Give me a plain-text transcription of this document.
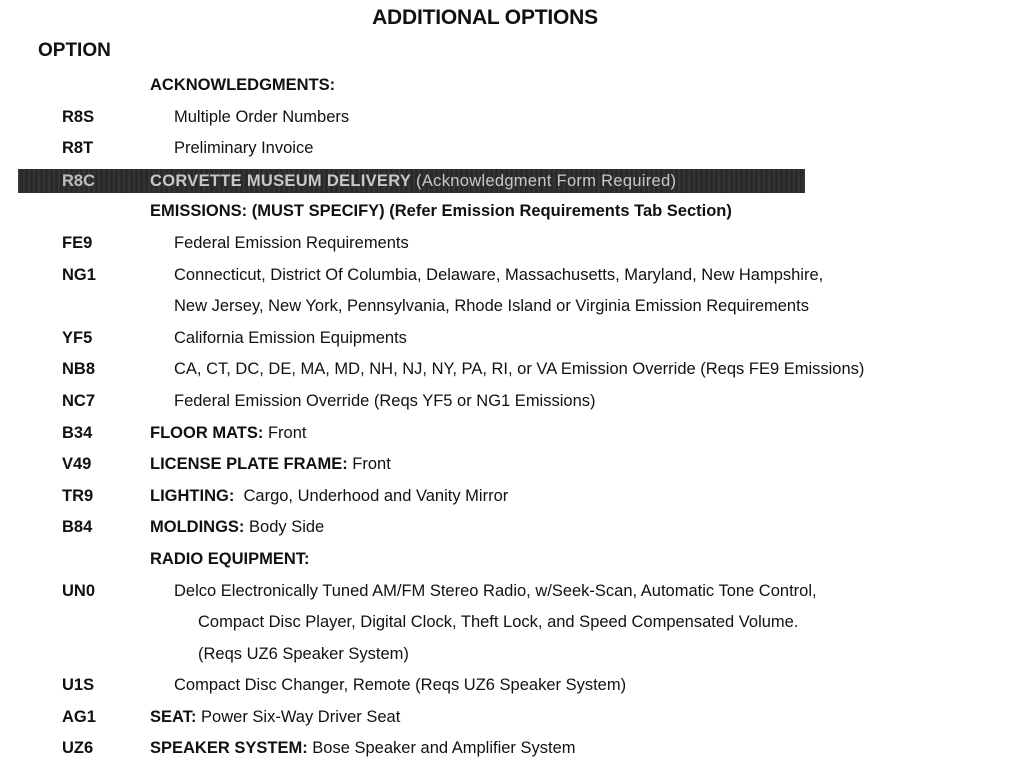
ADDITIONAL OPTIONS
OPTION
ACKNOWLEDGMENTS:
R8S	Multiple Order Numbers
R8T	Preliminary Invoice
R8C	CORVETTE MUSEUM DELIVERY (Acknowledgment Form Required)
EMISSIONS: (MUST SPECIFY) (Refer Emission Requirements Tab Section)
FE9	Federal Emission Requirements
NG1	Connecticut, District Of Columbia, Delaware, Massachusetts, Maryland, New Hampshire,
New Jersey, New York, Pennsylvania, Rhode Island or Virginia Emission Requirements
YF5	California Emission Equipments
NB8	CA, CT, DC, DE, MA, MD, NH, NJ, NY, PA, RI, or VA Emission Override (Reqs FE9 Emissions)
NC7	Federal Emission Override (Reqs YF5 or NG1 Emissions)
B34	FLOOR MATS: Front
V49	LICENSE PLATE FRAME: Front
TR9	LIGHTING:  Cargo, Underhood and Vanity Mirror
B84	MOLDINGS: Body Side
RADIO EQUIPMENT:
UN0	Delco Electronically Tuned AM/FM Stereo Radio, w/Seek-Scan, Automatic Tone Control,
Compact Disc Player, Digital Clock, Theft Lock, and Speed Compensated Volume.
(Reqs UZ6 Speaker System)
U1S	Compact Disc Changer, Remote (Reqs UZ6 Speaker System)
AG1	SEAT: Power Six-Way Driver Seat
UZ6	SPEAKER SYSTEM: Bose Speaker and Amplifier System
